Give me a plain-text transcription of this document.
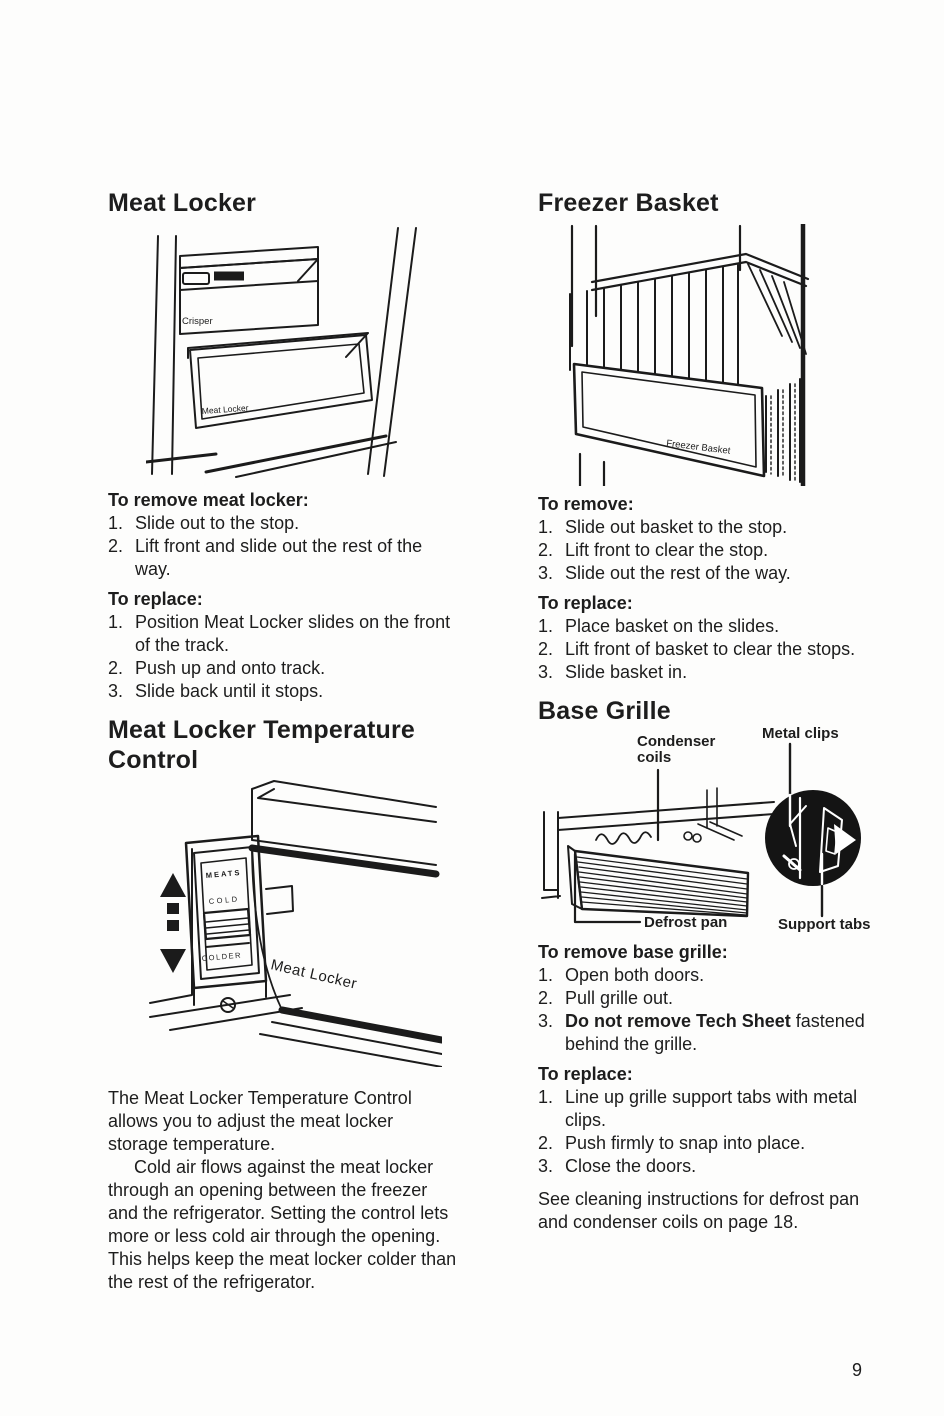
Meat Locker
Crisper
Meat Locker

To remove meat locker:

1. Slide out to the stop.
2. Lift front and slide out the rest of the way.

To replace:

1. Position Meat Locker slides on the front of the track.
2. Push up and onto track.
3. Slide back until it stops.
Meat Locker Temperature Control
Meat Locker
MEATS
COLD
COLDER

The Meat Locker Temperature Control allows you to adjust the meat locker storage temperature.

Cold air flows against the meat locker through an opening between the freezer and the refrigerator. Setting the control lets more or less cold air through the opening. This helps keep the meat locker colder than the rest of the refrigerator.

Freezer Basket
Freezer Basket

To remove:

1. Slide out basket to the stop.
2. Lift front to clear the stop.
3. Slide out the rest of the way.

To replace:

1. Place basket on the slides.
2. Lift front of basket to clear the stops.
3. Slide basket in.
Base Grille
Condenser coils
Metal clips
Defrost pan	Support tabs

To remove base grille:

1. Open both doors.
2. Pull grille out.
3. Do not remove Tech Sheet fastened behind the grille.

To replace:

1. Line up grille support tabs with metal clips.
2. Push firmly to snap into place.
3. Close the doors.

See cleaning instructions for defrost pan and condenser coils on page 18.

9
